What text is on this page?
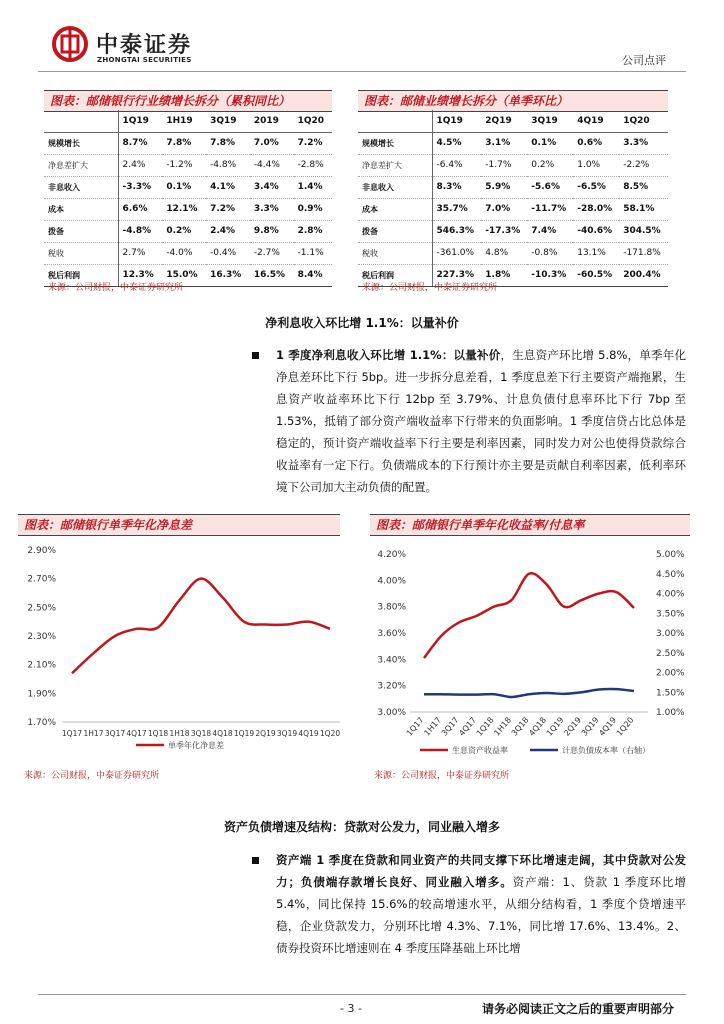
中泰证券
ZHONGTAI SECURITIES	公司点评
图表：邮储银行行业绩增长拆分（累积同比）
	1Q19	1H19	3Q19	2019	1Q20
规模增长	8.7%	7.8%	7.8%	7.0%	7.2%
净息差扩大	2.4%	-1.2%	-4.8%	-4.4%	-2.8%
非息收入	-3.3%	0.1%	4.1%	3.4%	1.4%
成本	6.6%	12.1%	7.2%	3.3%	0.9%
拨备	-4.8%	0.2%	2.4%	9.8%	2.8%
税收	2.7%	-4.0%	-0.4%	-2.7%	-1.1%
税后利润	12.3%	15.0%	16.3%	16.5%	8.4%
图表：邮储业绩增长拆分（单季环比）
	1Q19	2Q19	3Q19	4Q19	1Q20
规模增长	4.5%	3.1%	0.1%	0.6%	3.3%
净息差扩大	-6.4%	-1.7%	0.2%	1.0%	-2.2%
非息收入	8.3%	5.9%	-5.6%	-6.5%	8.5%
成本	35.7%	7.0%	-11.7%	-28.0%	58.1%
拨备	546.3%	-17.3%	7.4%	-40.6%	304.5%
税收	-361.0%	4.8%	-0.8%	13.1%	-171.8%
税后利润	227.3%	1.8%	-10.3%	-60.5%	200.4%
来源：公司财报，中泰证券研究所	来源：公司财报，中泰证券研究所
净利息收入环比增 1.1%：以量补价
1 季度净利息收入环比增 1.1%：以量补价，生息资产环比增 5.8%，单季年化净息差环比下行 5bp。进一步拆分息差看，1 季度息差下行主要资产端拖累，生息资产收益率环比下行 12bp 至 3.79%、计息负债付息率环比下行 7bp 至 1.53%，抵销了部分资产端收益率下行带来的负面影响。1 季度信贷占比总体是稳定的，预计资产端收益率下行主要是利率因素，同时发力对公也使得贷款综合收益率有一定下行。负债端成本的下行预计亦主要是贡献自利率因素，低利率环境下公司加大主动负债的配置。
图表：邮储银行单季年化净息差
1.70%
1.90%
2.10%
2.30%
2.50%
2.70%
2.90%
1Q17 1H17 3Q17 4Q17 1Q18 1H18 3Q18 4Q18 1Q19 2Q19 3Q19 4Q19 1Q20
单季年化净息差
图表：邮储银行单季年化收益率/付息率
3.00%
3.20%
3.40%
3.60%
3.80%
4.00%
4.20%
1.00%
1.50%
2.00%
2.50%
3.00%
3.50%
4.00%
4.50%
5.00%
1Q17
1H17
3Q17
4Q17
1Q18
1H18
3Q18
4Q18
1Q19
2Q19
3Q19
4Q19
1Q20
生息资产收益率	计息负债成本率（右轴）
来源：公司财报，中泰证券研究所	来源：公司财报，中泰证券研究所
资产负债增速及结构：贷款对公发力，同业融入增多
资产端 1 季度在贷款和同业资产的共同支撑下环比增速走阔，其中贷款对公发力；负债端存款增长良好、同业融入增多。资产端：1、贷款 1 季度环比增 5.4%，同比保持 15.6%的较高增速水平，从细分结构看，1 季度个贷增速平稳，企业贷款发力，分别环比增 4.3%、7.1%，同比增 17.6%、13.4%。2、债券投资环比增速则在 4 季度压降基础上环比增
- 3 -	请务必阅读正文之后的重要声明部分
